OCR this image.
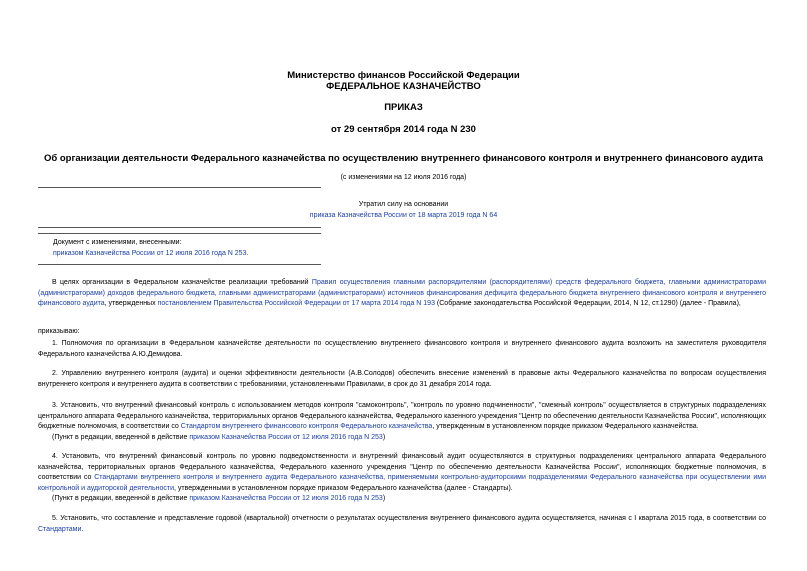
Министерство финансов Российской Федерации
ФЕДЕРАЛЬНОЕ КАЗНАЧЕЙСТВО
ПРИКАЗ
от 29 сентября 2014 года N 230
Об организации деятельности Федерального казначейства по осуществлению внутреннего финансового контроля и внутреннего финансового аудита
(с изменениями на 12 июля 2016 года)
Утратил силу на основании
приказа Казначейства России от 18 марта 2019 года N 64
Документ с изменениями, внесенными:
приказом Казначейства России от 12 июля 2016 года N 253.
В целях организации в Федеральном казначействе реализации требований Правил осуществления главными распорядителями (распорядителями) средств федерального бюджета, главными администраторами (администраторами) доходов федерального бюджета, главными администраторами (администраторами) источников финансирования дефицита федерального бюджета внутреннего финансового контроля и внутреннего финансового аудита, утвержденных постановлением Правительства Российской Федерации от 17 марта 2014 года N 193 (Собрание законодательства Российской Федерации, 2014, N 12, ст.1290) (далее - Правила),
приказываю:
1. Полномочия по организации в Федеральном казначействе деятельности по осуществлению внутреннего финансового контроля и внутреннего финансового аудита возложить на заместителя руководителя Федерального казначейства А.Ю.Демидова.
2. Управлению внутреннего контроля (аудита) и оценки эффективности деятельности (А.В.Солодов) обеспечить внесение изменений в правовые акты Федерального казначейства по вопросам осуществления внутреннего контроля и внутреннего аудита в соответствии с требованиями, установленными Правилами, в срок до 31 декабря 2014 года.
3. Установить, что внутренний финансовый контроль с использованием методов контроля "самоконтроль", "контроль по уровню подчиненности", "смежный контроль" осуществляется в структурных подразделениях центрального аппарата Федерального казначейства, территориальных органов Федерального казначейства, Федерального казенного учреждения "Центр по обеспечению деятельности Казначейства России", исполняющих бюджетные полномочия, в соответствии со Стандартом внутреннего финансового контроля Федерального казначейства, утвержденным в установленном порядке приказом Федерального казначейства.
(Пункт в редакции, введенной в действие приказом Казначейства России от 12 июля 2016 года N 253)
4. Установить, что внутренний финансовый контроль по уровню подведомственности и внутренний финансовый аудит осуществляются в структурных подразделениях центрального аппарата Федерального казначейства, территориальных органов Федерального казначейства, Федерального казенного учреждения "Центр по обеспечению деятельности Казначейства России", исполняющих бюджетные полномочия, в соответствии со Стандартами внутреннего контроля и внутреннего аудита Федерального казначейства, применяемыми контрольно-аудиторскими подразделениями Федерального казначейства при осуществлении ими контрольной и аудиторской деятельности, утвержденными в установленном порядке приказом Федерального казначейства (далее - Стандарты).
(Пункт в редакции, введенной в действие приказом Казначейства России от 12 июля 2016 года N 253)
5. Установить, что составление и представление годовой (квартальной) отчетности о результатах осуществления внутреннего финансового аудита осуществляется, начиная с I квартала 2015 года, в соответствии со Стандартами.
